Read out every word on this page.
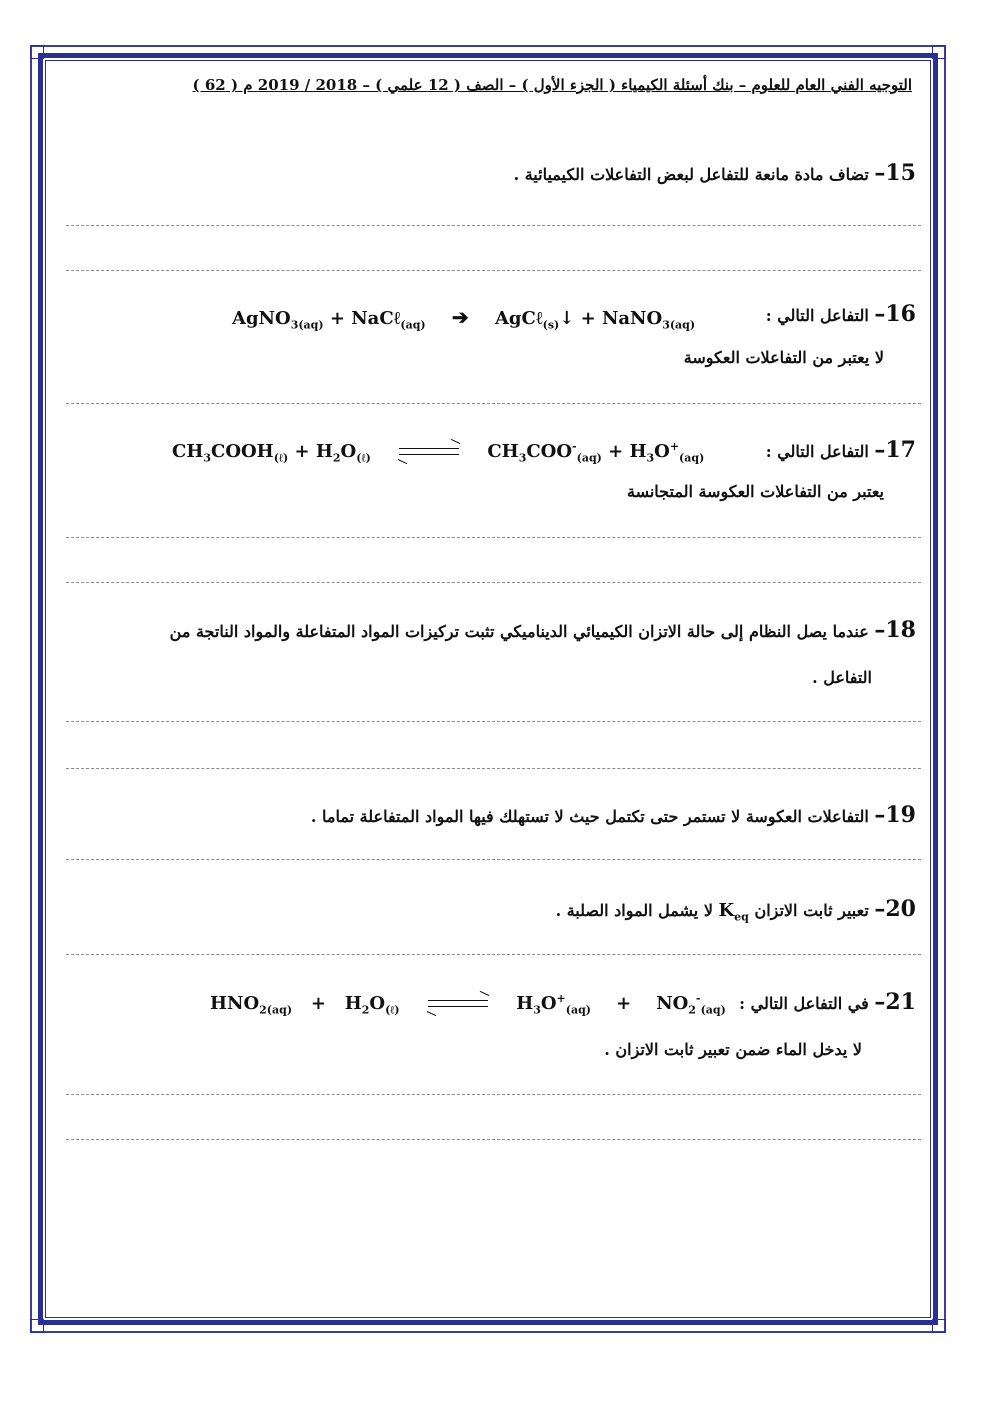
التوجيه الفني العام للعلوم – بنك أسئلة الكيمياء ( الجزء الأول ) – الصف ( 12 علمي ) – 2018 / 2019 م ( 62 )
15– تضاف مادة مانعة للتفاعل لبعض التفاعلات الكيميائية .
16– التفاعل التالي :
AgNO$_{3(aq)}$ + NaCℓ$_{(aq)}$ ➔ AgCℓ$_{(s)}$↓ + NaNO$_{3(aq)}$
لا يعتبر من التفاعلات العكوسة
17– التفاعل التالي :
$CH_3COOH_{(\ell)} + H_2O_{(\ell)}$	$CH_3COO^-_{(aq)} + H_3O^+_{(aq)}$
يعتبر من التفاعلات العكوسة المتجانسة
18– عندما يصل النظام إلى حالة الاتزان الكيميائي الديناميكي تثبت تركيزات المواد المتفاعلة والمواد الناتجة من
التفاعل .
19– التفاعلات العكوسة لا تستمر حتى تكتمل حيث لا تستهلك فيها المواد المتفاعلة تماما .
20– تعبير ثابت الاتزان $K_{eq}$ لا يشمل المواد الصلبة .
21– في التفاعل التالي :
$HNO_{2(aq)} + H_2O_{(\ell)}$	$H_3O^+_{(aq)}$    +    $NO_2^-_{(aq)}$
لا يدخل الماء ضمن تعبير ثابت الاتزان .
